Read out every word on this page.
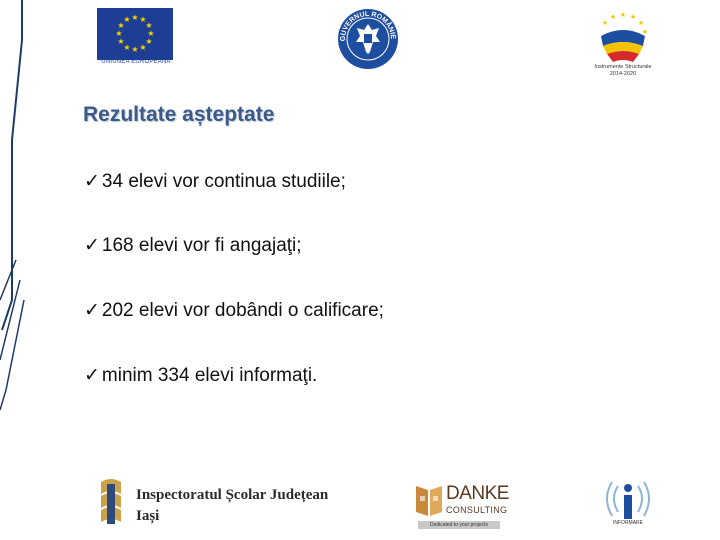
★ ★
★
★
★
★
★
★
★
★
★
★
UNIUNEA EUROPEANĂ
GUVERNUL ROMÂNIE
★ ★
★
★
★
★
Instrumente Structurale
2014-2020
Rezultate așteptate
✓ 34 elevi vor continua studiile;
✓ 168 elevi vor fi angajaţi;
✓ 202 elevi vor dobândi o calificare;
✓ minim 334 elevi informaţi.
Inspectoratul Școlar Județean
Iași
DANKE
CONSULTING
Dedicated to your projects	INFORMARE
